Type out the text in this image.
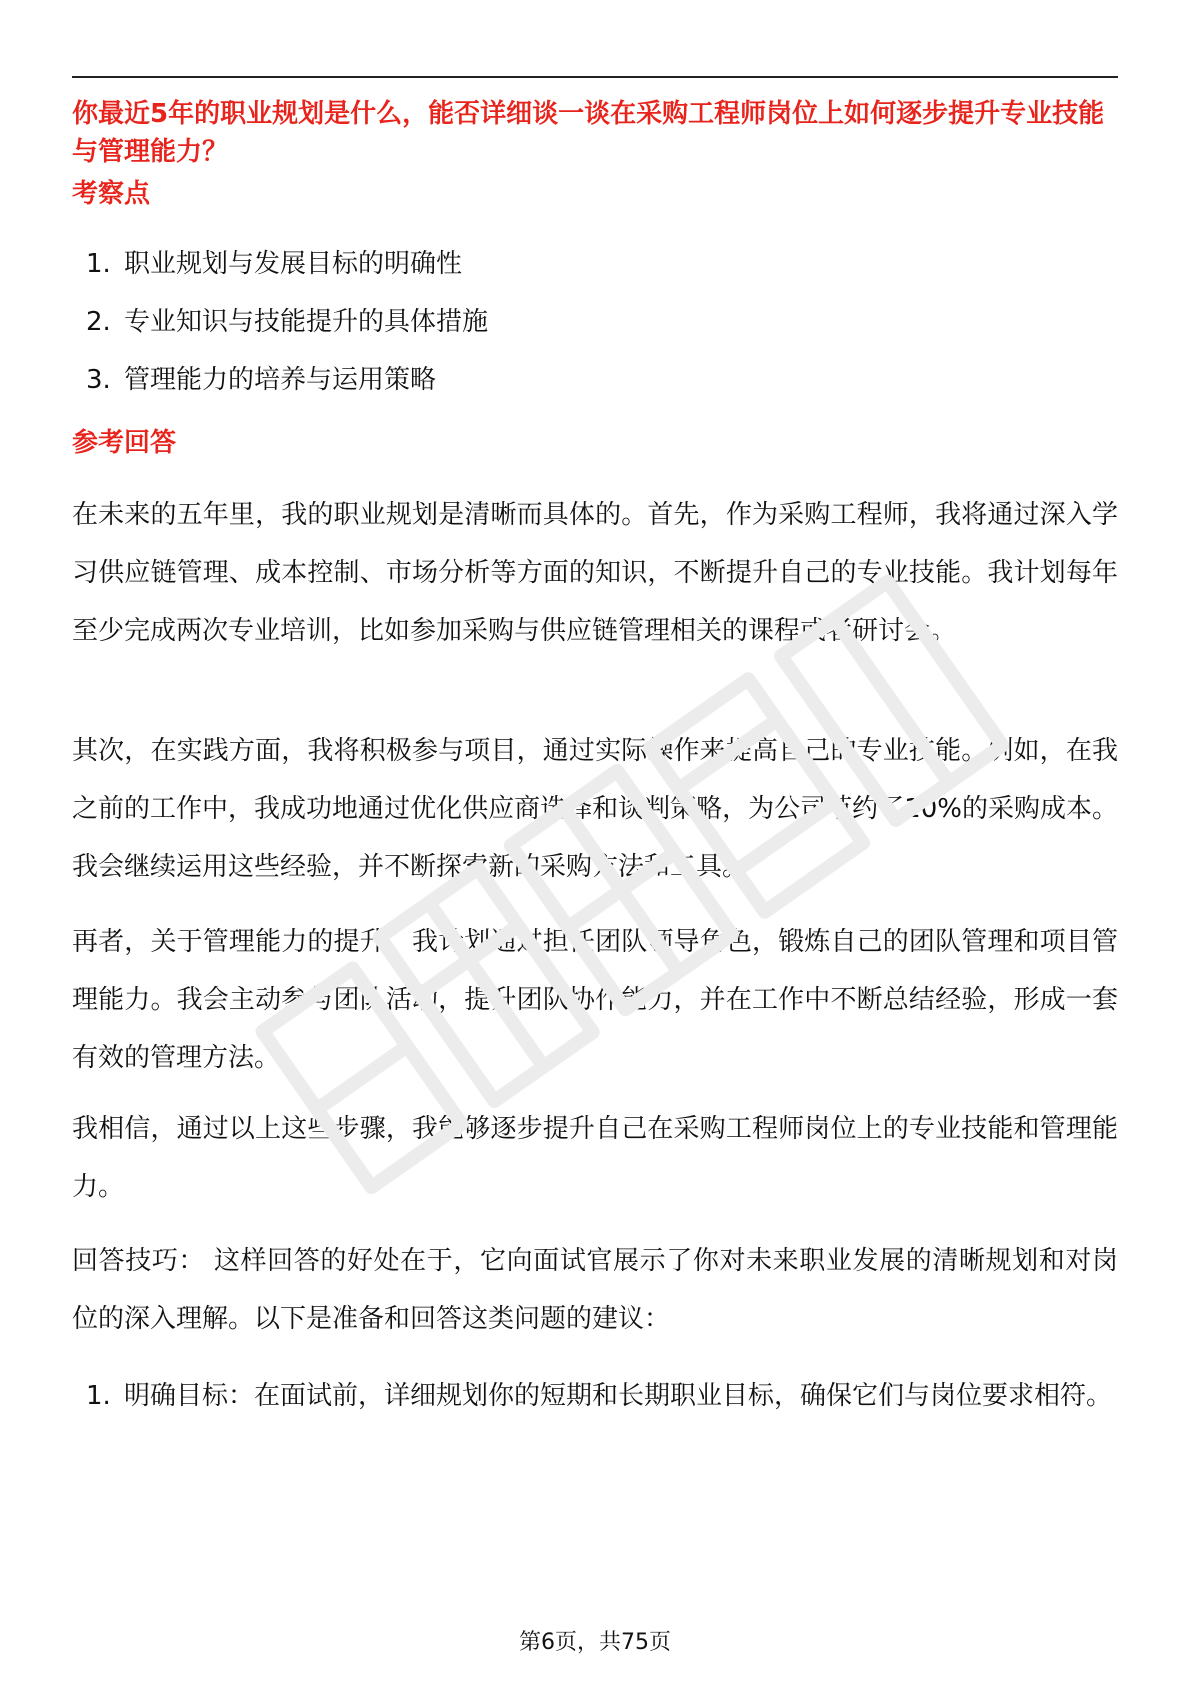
你最近5年的职业规划是什么，能否详细谈一谈在采购工程师岗位上如何逐步提升专业技能与管理能力？
考察点
1. 职业规划与发展目标的明确性
2. 专业知识与技能提升的具体措施
3. 管理能力的培养与运用策略
参考回答

在未来的五年里，我的职业规划是清晰而具体的。首先，作为采购工程师，我将通过深入学习供应链管理、成本控制、市场分析等方面的知识，不断提升自己的专业技能。我计划每年至少完成两次专业培训，比如参加采购与供应链管理相关的课程或者研讨会。

其次，在实践方面，我将积极参与项目，通过实际操作来提高自己的专业技能。例如，在我之前的工作中，我成功地通过优化供应商选择和谈判策略，为公司节约了10%的采购成本。我会继续运用这些经验，并不断探索新的采购方法和工具。

再者，关于管理能力的提升，我计划通过担任团队领导角色，锻炼自己的团队管理和项目管理能力。我会主动参与团队活动，提升团队协作能力，并在工作中不断总结经验，形成一套有效的管理方法。

我相信，通过以上这些步骤，我能够逐步提升自己在采购工程师岗位上的专业技能和管理能力。

回答技巧： 这样回答的好处在于，它向面试官展示了你对未来职业发展的清晰规划和对岗位的深入理解。以下是准备和回答这类问题的建议：

1. 明确目标：在面试前，详细规划你的短期和长期职业目标，确保它们与岗位要求相符。
第6页，共75页
